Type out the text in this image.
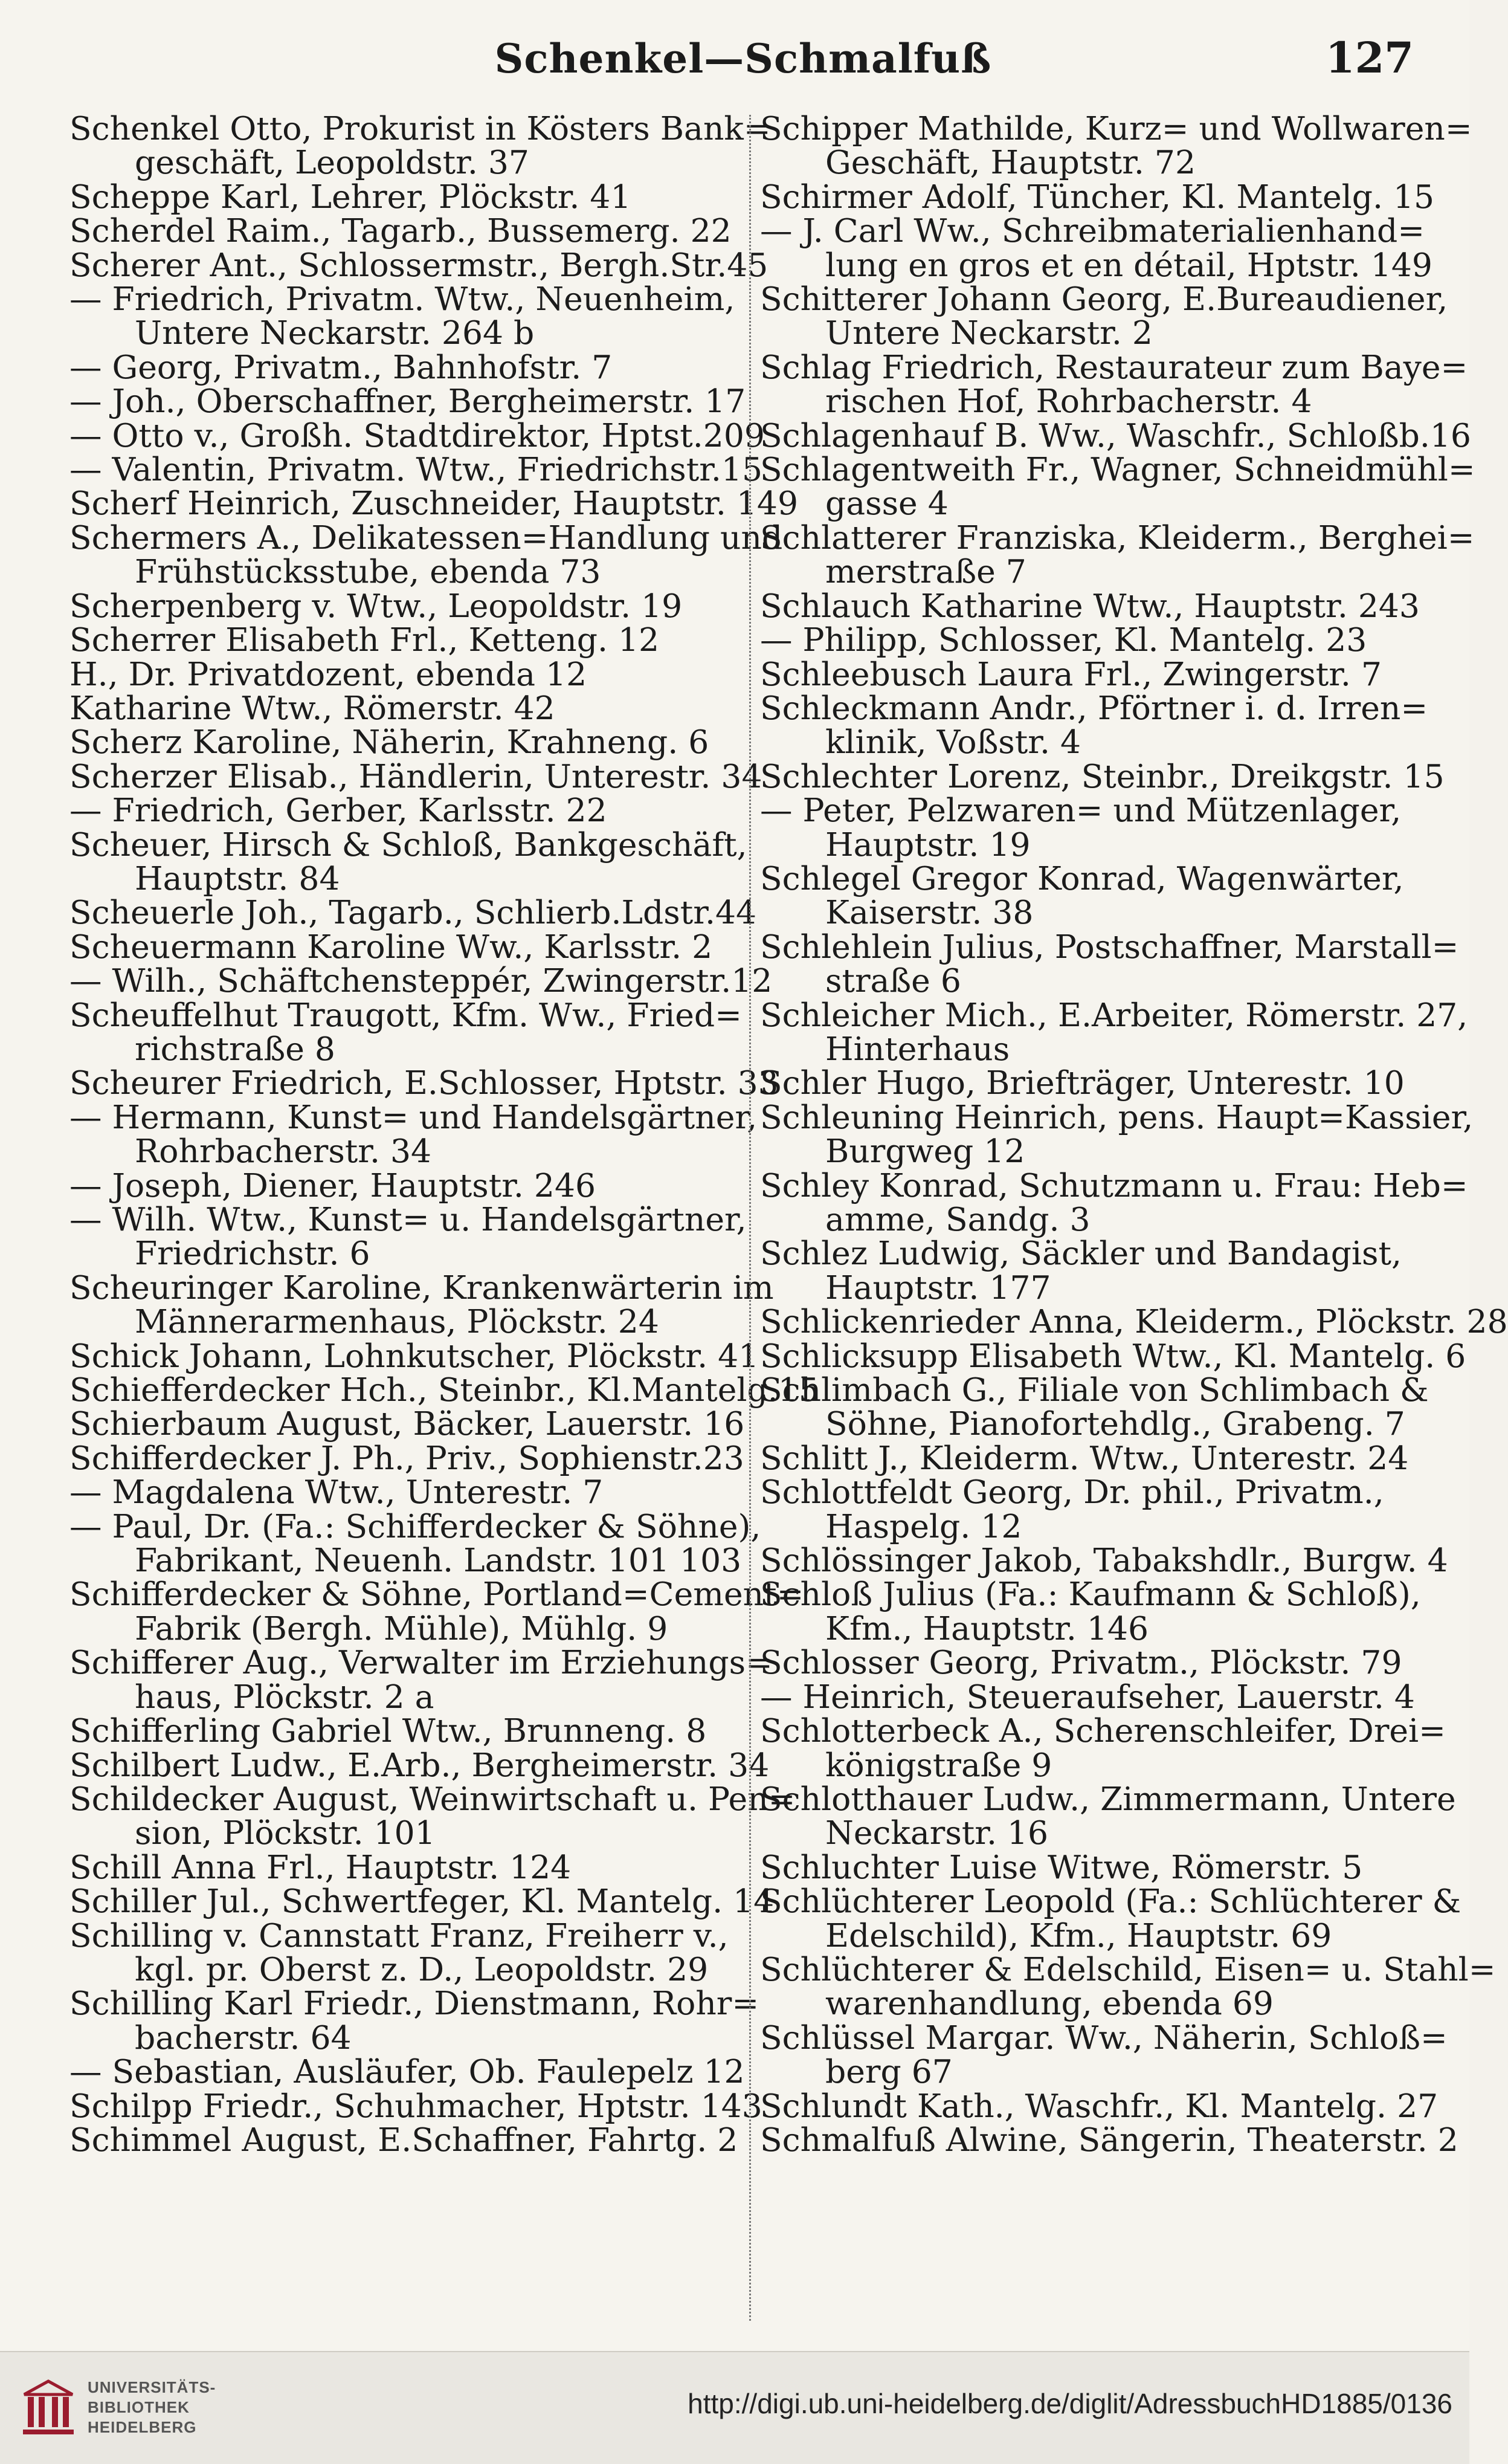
Schenkel—Schmalfuß	127

Schenkel Otto, Prokurist in Kösters Bank=
geschäft, Leopoldstr. 37

Scheppe Karl, Lehrer, Plöckstr. 41

Scherdel Raim., Tagarb., Bussemerg. 22

Scherer Ant., Schlossermstr., Bergh.Str.45

— Friedrich, Privatm. Wtw., Neuenheim,
Untere Neckarstr. 264 b

— Georg, Privatm., Bahnhofstr. 7

— Joh., Oberschaffner, Bergheimerstr. 17

— Otto v., Großh. Stadtdirektor, Hptst.209

— Valentin, Privatm. Wtw., Friedrichstr.15

Scherf Heinrich, Zuschneider, Hauptstr. 149

Schermers A., Delikatessen=Handlung und
Frühstücksstube, ebenda 73

Scherpenberg v. Wtw., Leopoldstr. 19

Scherrer Elisabeth Frl., Ketteng. 12

H., Dr. Privatdozent, ebenda 12

Katharine Wtw., Römerstr. 42

Scherz Karoline, Näherin, Krahneng. 6

Scherzer Elisab., Händlerin, Unterestr. 34

— Friedrich, Gerber, Karlsstr. 22

Scheuer, Hirsch & Schloß, Bankgeschäft,
Hauptstr. 84

Scheuerle Joh., Tagarb., Schlierb.Ldstr.44

Scheuermann Karoline Ww., Karlsstr. 2

— Wilh., Schäftchensteppér, Zwingerstr.12

Scheuffelhut Traugott, Kfm. Ww., Fried=
richstraße 8

Scheurer Friedrich, E.Schlosser, Hptstr. 33

— Hermann, Kunst= und Handelsgärtner,
Rohrbacherstr. 34

— Joseph, Diener, Hauptstr. 246

— Wilh. Wtw., Kunst= u. Handelsgärtner,
Friedrichstr. 6

Scheuringer Karoline, Krankenwärterin im
Männerarmenhaus, Plöckstr. 24

Schick Johann, Lohnkutscher, Plöckstr. 41

Schiefferdecker Hch., Steinbr., Kl.Mantelg.15

Schierbaum August, Bäcker, Lauerstr. 16

Schifferdecker J. Ph., Priv., Sophienstr.23

— Magdalena Wtw., Unterestr. 7

— Paul, Dr. (Fa.: Schifferdecker & Söhne),
Fabrikant, Neuenh. Landstr. 101 103

Schifferdecker & Söhne, Portland=Cement=
Fabrik (Bergh. Mühle), Mühlg. 9

Schifferer Aug., Verwalter im Erziehungs=
haus, Plöckstr. 2 a

Schifferling Gabriel Wtw., Brunneng. 8

Schilbert Ludw., E.Arb., Bergheimerstr. 34

Schildecker August, Weinwirtschaft u. Pen=
sion, Plöckstr. 101

Schill Anna Frl., Hauptstr. 124

Schiller Jul., Schwertfeger, Kl. Mantelg. 14

Schilling v. Cannstatt Franz, Freiherr v.,
kgl. pr. Oberst z. D., Leopoldstr. 29

Schilling Karl Friedr., Dienstmann, Rohr=
bacherstr. 64

— Sebastian, Ausläufer, Ob. Faulepelz 12

Schilpp Friedr., Schuhmacher, Hptstr. 143

Schimmel August, E.Schaffner, Fahrtg. 2

Schipper Mathilde, Kurz= und Wollwaren=
Geschäft, Hauptstr. 72

Schirmer Adolf, Tüncher, Kl. Mantelg. 15

— J. Carl Ww., Schreibmaterialienhand=
lung en gros et en détail, Hptstr. 149

Schitterer Johann Georg, E.Bureaudiener,
Untere Neckarstr. 2

Schlag Friedrich, Restaurateur zum Baye=
rischen Hof, Rohrbacherstr. 4

Schlagenhauf B. Ww., Waschfr., Schloßb.16

Schlagentweith Fr., Wagner, Schneidmühl=
gasse 4

Schlatterer Franziska, Kleiderm., Berghei=
merstraße 7

Schlauch Katharine Wtw., Hauptstr. 243

— Philipp, Schlosser, Kl. Mantelg. 23

Schleebusch Laura Frl., Zwingerstr. 7

Schleckmann Andr., Pförtner i. d. Irren=
klinik, Voßstr. 4

Schlechter Lorenz, Steinbr., Dreikgstr. 15

— Peter, Pelzwaren= und Mützenlager,
Hauptstr. 19

Schlegel Gregor Konrad, Wagenwärter,
Kaiserstr. 38

Schlehlein Julius, Postschaffner, Marstall=
straße 6

Schleicher Mich., E.Arbeiter, Römerstr. 27,
Hinterhaus

Schler Hugo, Briefträger, Unterestr. 10

Schleuning Heinrich, pens. Haupt=Kassier,
Burgweg 12

Schley Konrad, Schutzmann u. Frau: Heb=
amme, Sandg. 3

Schlez Ludwig, Säckler und Bandagist,
Hauptstr. 177

Schlickenrieder Anna, Kleiderm., Plöckstr. 28

Schlicksupp Elisabeth Wtw., Kl. Mantelg. 6

Schlimbach G., Filiale von Schlimbach &
Söhne, Pianofortehdlg., Grabeng. 7

Schlitt J., Kleiderm. Wtw., Unterestr. 24

Schlottfeldt Georg, Dr. phil., Privatm.,
Haspelg. 12

Schlössinger Jakob, Tabakshdlr., Burgw. 4

Schloß Julius (Fa.: Kaufmann & Schloß),
Kfm., Hauptstr. 146

Schlosser Georg, Privatm., Plöckstr. 79

— Heinrich, Steueraufseher, Lauerstr. 4

Schlotterbeck A., Scherenschleifer, Drei=
königstraße 9

Schlotthauer Ludw., Zimmermann, Untere
Neckarstr. 16

Schluchter Luise Witwe, Römerstr. 5

Schlüchterer Leopold (Fa.: Schlüchterer &
Edelschild), Kfm., Hauptstr. 69

Schlüchterer & Edelschild, Eisen= u. Stahl=
warenhandlung, ebenda 69

Schlüssel Margar. Ww., Näherin, Schloß=
berg 67

Schlundt Kath., Waschfr., Kl. Mantelg. 27

Schmalfuß Alwine, Sängerin, Theaterstr. 2

UNIVERSITÄTS-
BIBLIOTHEK
HEIDELBERG
http://digi.ub.uni-heidelberg.de/diglit/AdressbuchHD1885/0136
